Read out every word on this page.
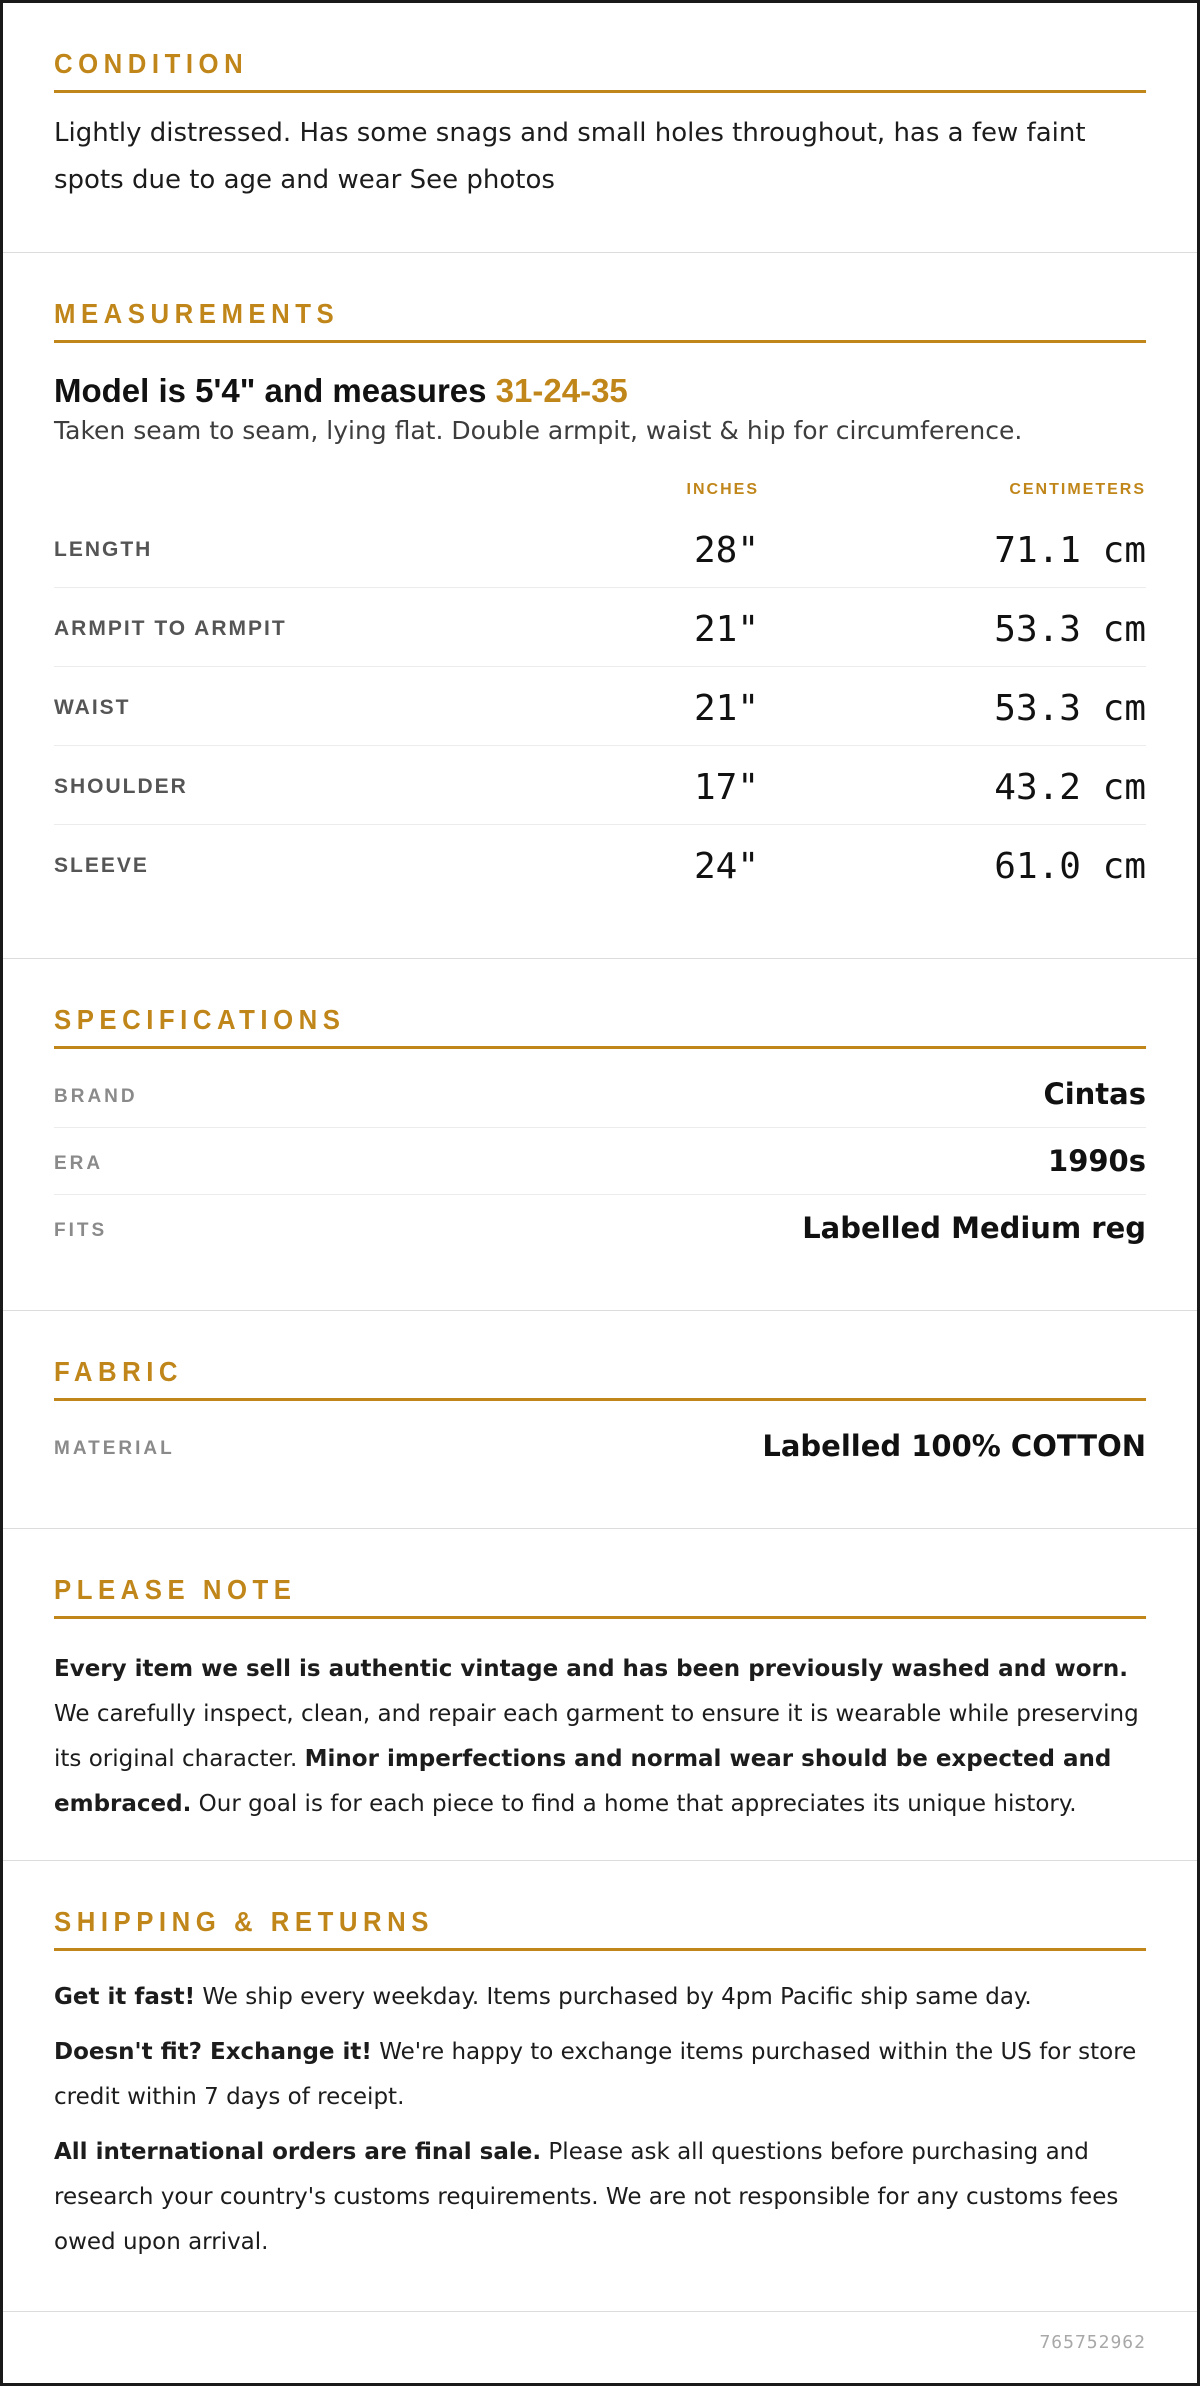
CONDITION

Lightly distressed. Has some snags and small holes throughout, has a few faint spots due to age and wear See photos

MEASUREMENTS
Model is 5'4" and measures 31-24-35

Taken seam to seam, lying flat. Double armpit, waist & hip for circumference.

INCHES	CENTIMETERS
LENGTH	28"	71.1 cm
ARMPIT TO ARMPIT	21"	53.3 cm
WAIST	21"	53.3 cm
SHOULDER	17"	43.2 cm
SLEEVE	24"	61.0 cm
SPECIFICATIONS
BRAND	Cintas
ERA	1990s
FITS	Labelled Medium reg
FABRIC
MATERIAL	Labelled 100% COTTON
PLEASE NOTE

Every item we sell is authentic vintage and has been previously washed and worn. We carefully inspect, clean, and repair each garment to ensure it is wearable while preserving its original character. Minor imperfections and normal wear should be expected and embraced. Our goal is for each piece to find a home that appreciates its unique history.

SHIPPING & RETURNS

Get it fast! We ship every weekday. Items purchased by 4pm Pacific ship same day.

Doesn't fit? Exchange it! We're happy to exchange items purchased within the US for store credit within 7 days of receipt.

All international orders are final sale. Please ask all questions before purchasing and research your country's customs requirements. We are not responsible for any customs fees owed upon arrival.

765752962
